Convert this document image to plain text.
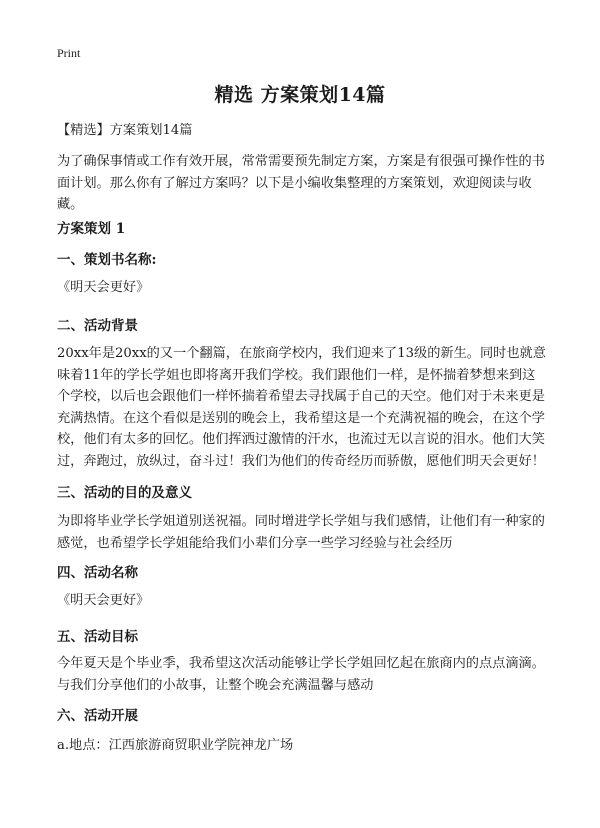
Print
精选 方案策划14篇
【精选】方案策划14篇
为了确保事情或工作有效开展，常常需要预先制定方案，方案是有很强可操作性的书面计划。那么你有了解过方案吗？以下是小编收集整理的方案策划，欢迎阅读与收藏。
方案策划 1
一、策划书名称:
《明天会更好》
二、活动背景
20xx年是20xx的又一个翻篇，在旅商学校内，我们迎来了13级的新生。同时也就意味着11年的学长学姐也即将离开我们学校。我们跟他们一样，是怀揣着梦想来到这个学校，以后也会跟他们一样怀揣着希望去寻找属于自己的天空。他们对于未来更是充满热情。在这个看似是送别的晚会上，我希望这是一个充满祝福的晚会，在这个学校，他们有太多的回忆。他们挥洒过激情的汗水，也流过无以言说的泪水。他们大笑过，奔跑过，放纵过，奋斗过！我们为他们的传奇经历而骄傲，愿他们明天会更好！
三、活动的目的及意义
为即将毕业学长学姐道别送祝福。同时增进学长学姐与我们感情，让他们有一种家的感觉，也希望学长学姐能给我们小辈们分享一些学习经验与社会经历
四、活动名称
《明天会更好》
五、活动目标
今年夏天是个毕业季，我希望这次活动能够让学长学姐回忆起在旅商内的点点滴滴。与我们分享他们的小故事，让整个晚会充满温馨与感动
六、活动开展
a.地点：江西旅游商贸职业学院神龙广场
